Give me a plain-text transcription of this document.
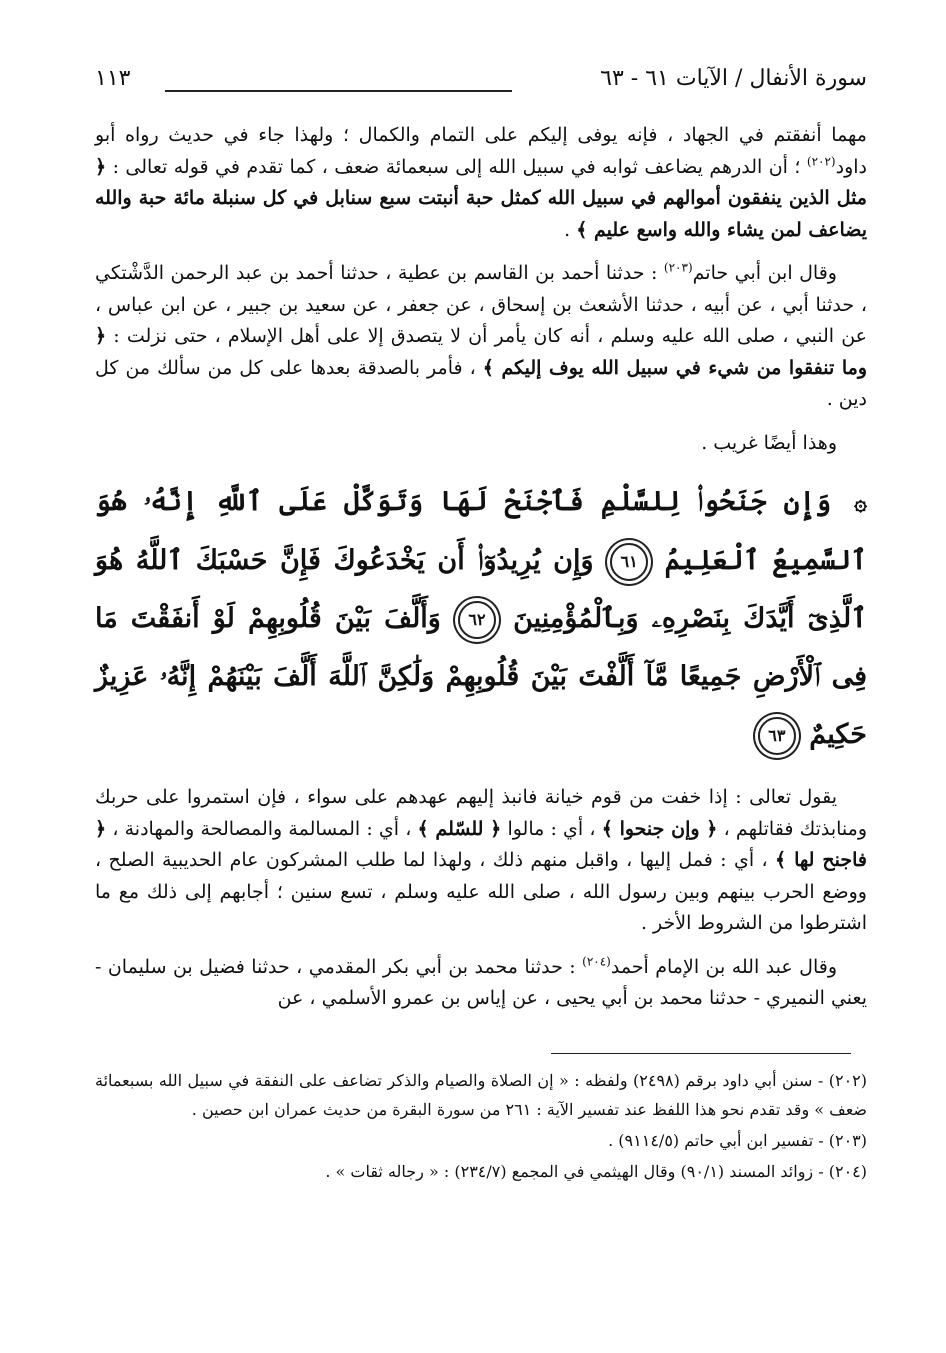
سورة الأنفال / الآيات ٦١ - ٦٣
١١٣

مهما أنفقتم في الجهاد ، فإنه يوفى إليكم على التمام والكمال ؛ ولهذا جاء في حديث رواه أبو داود$^{(٢٠٢)}$ ؛ أن الدرهم يضاعف ثوابه في سبيل الله إلى سبعمائة ضعف ، كما تقدم في قوله تعالى : ﴿ مثل الذين ينفقون أموالهم في سبيل الله كمثل حبة أنبتت سبع سنابل في كل سنبلة مائة حبة والله يضاعف لمن يشاء والله واسع عليم ﴾ .

وقال ابن أبي حاتم$^{(٢٠٣)}$ : حدثنا أحمد بن القاسم بن عطية ، حدثنا أحمد بن عبد الرحمن الدَّشْتكي ، حدثنا أبي ، عن أبيه ، حدثنا الأشعث بن إسحاق ، عن جعفر ، عن سعيد بن جبير ، عن ابن عباس ، عن النبي ، صلى الله عليه وسلم ، أنه كان يأمر أن لا يتصدق إلا على أهل الإسلام ، حتى نزلت : ﴿ وما تنفقوا من شيء في سبيل الله يوف إليكم ﴾ ، فأمر بالصدقة بعدها على كل من سألك من كل دين .

وهذا أيضًا غريب .

۞ وَإِن جَنَحُوا۟ لِلسَّلْمِ فَٱجْنَحْ لَهَا وَتَوَكَّلْ عَلَى ٱللَّهِ إِنَّهُۥ هُوَ ٱلسَّمِيعُ ٱلْعَلِيمُ ٦١ وَإِن يُرِيدُوٓا۟ أَن يَخْدَعُوكَ فَإِنَّ حَسْبَكَ ٱللَّهُ هُوَ ٱلَّذِىٓ أَيَّدَكَ بِنَصْرِهِۦ وَبِٱلْمُؤْمِنِينَ ٦٢ وَأَلَّفَ بَيْنَ قُلُوبِهِمْ لَوْ أَنفَقْتَ مَا فِى ٱلْأَرْضِ جَمِيعًا مَّآ أَلَّفْتَ بَيْنَ قُلُوبِهِمْ وَلَٰكِنَّ ٱللَّهَ أَلَّفَ بَيْنَهُمْ إِنَّهُۥ عَزِيزٌ حَكِيمٌ ٦٣

يقول تعالى : إذا خفت من قوم خيانة فانبذ إليهم عهدهم على سواء ، فإن استمروا على حربك ومنابذتك فقاتلهم ، ﴿ وإن جنحوا ﴾ ، أي : مالوا ﴿ للسّلم ﴾ ، أي : المسالمة والمصالحة والمهادنة ، ﴿ فاجنح لها ﴾ ، أي : فمل إليها ، واقبل منهم ذلك ، ولهذا لما طلب المشركون عام الحديبية الصلح ، ووضع الحرب بينهم وبين رسول الله ، صلى الله عليه وسلم ، تسع سنين ؛ أجابهم إلى ذلك مع ما اشترطوا من الشروط الأخر .

وقال عبد الله بن الإمام أحمد$^{(٢٠٤)}$ : حدثنا محمد بن أبي بكر المقدمي ، حدثنا فضيل بن سليمان - يعني النميري - حدثنا محمد بن أبي يحيى ، عن إياس بن عمرو الأسلمي ، عن

(٢٠٢) - سنن أبي داود برقم (٢٤٩٨) ولفظه : « إن الصلاة والصيام والذكر تضاعف على النفقة في سبيل الله بسبعمائة ضعف » وقد تقدم نحو هذا اللفظ عند تفسير الآية : ٢٦١ من سورة البقرة من حديث عمران ابن حصين .
(٢٠٣) - تفسير ابن أبي حاتم (٩١١٤/٥) .
(٢٠٤) - زوائد المسند (٩٠/١) وقال الهيثمي في المجمع (٢٣٤/٧) : « رجاله ثقات » .
